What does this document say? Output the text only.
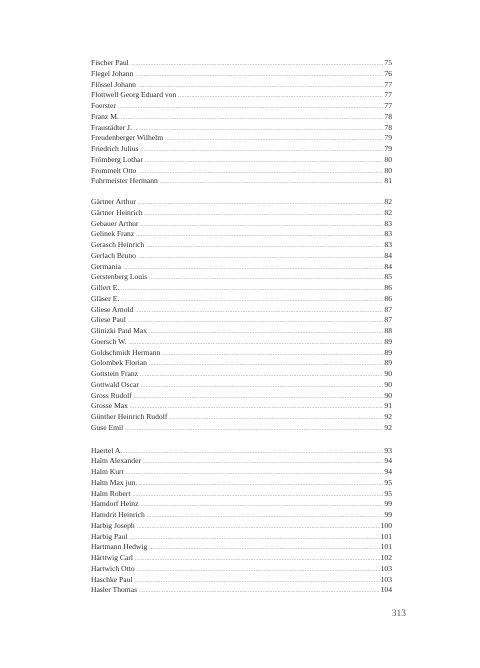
Fischer Paul .....	75
Flegel Johann .....	76
Flössel Johann .....	77
Flottwell Georg Eduard von .....	77
Foerster .....	77
Franz M. .....	78
Fraustädter J. .....	78
Freudenberger Wilhelm .....	79
Friedrich Julius .....	79
Frömberg Lothar .....	80
Frommelt Otto .....	80
Fuhrmeister Hermann .....	81
Gärtner Arthur .....	82
Gärtner Heinrich .....	82
Gebauer Arthur .....	83
Gelinek Franz .....	83
Gerasch Heinrich .....	83
Gerlach Bruno .....	84
Germania .....	84
Gerstenberg Louis .....	85
Gillert E. .....	86
Gläser E. .....	86
Gliese Arnold .....	87
Gliese Paul .....	87
Glinizki Paul Max .....	88
Goersch W. .....	89
Goldschmidt Hermann .....	89
Golombek Florian .....	89
Gottstein Franz .....	90
Gottwald Oscar .....	90
Gross Rudolf .....	90
Grosse Max .....	91
Günther Heinrich Rudolf .....	92
Guse Emil .....	92
Haertel A. .....	93
Halm Alexander .....	94
Halm Kurt .....	94
Halm Max jun. .....	95
Halm Robert .....	95
Hamdorf Heinz .....	99
Hamdrit Heinrich .....	99
Harbig Joseph .....	100
Harbig Paul .....	101
Hartmann Hedwig .....	101
Härttwig Carl .....	102
Hartwich Otto .....	103
Haschke Paul .....	103
Hasler Thomas .....	104
313
